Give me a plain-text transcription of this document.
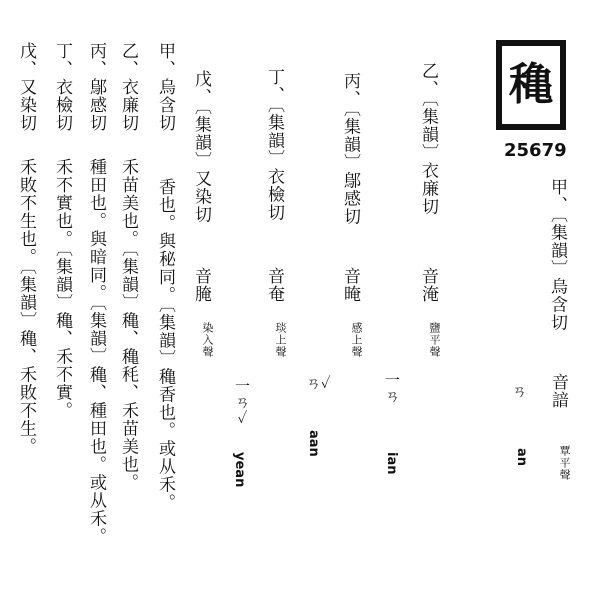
穐
25679
甲、〔集韻〕烏含切
音諳
覃平聲
ㄢ
an
乙、〔集韻〕衣廉切
音淹
鹽平聲
一ㄢ
ian
丙、〔集韻〕鄔感切
音晻
感上聲
ㄢ✓
aan
丁、〔集韻〕衣檢切
音奄
琰上聲
一ㄢ✓
yean
戊、〔集韻〕又染切
音腌
染入聲
甲、烏含切
香也。與秘同。〔集韻〕穐香也。或从禾。
乙、衣廉切
禾苗美也。〔集韻〕穐、穐秏、禾苗美也。
丙、鄔感切
種田也。與暗同。〔集韻〕穐、種田也。或从禾。
丁、衣檢切
禾不實也。〔集韻〕穐、禾不實。
戊、又染切
禾敗不生也。〔集韻〕穐、禾敗不生。
